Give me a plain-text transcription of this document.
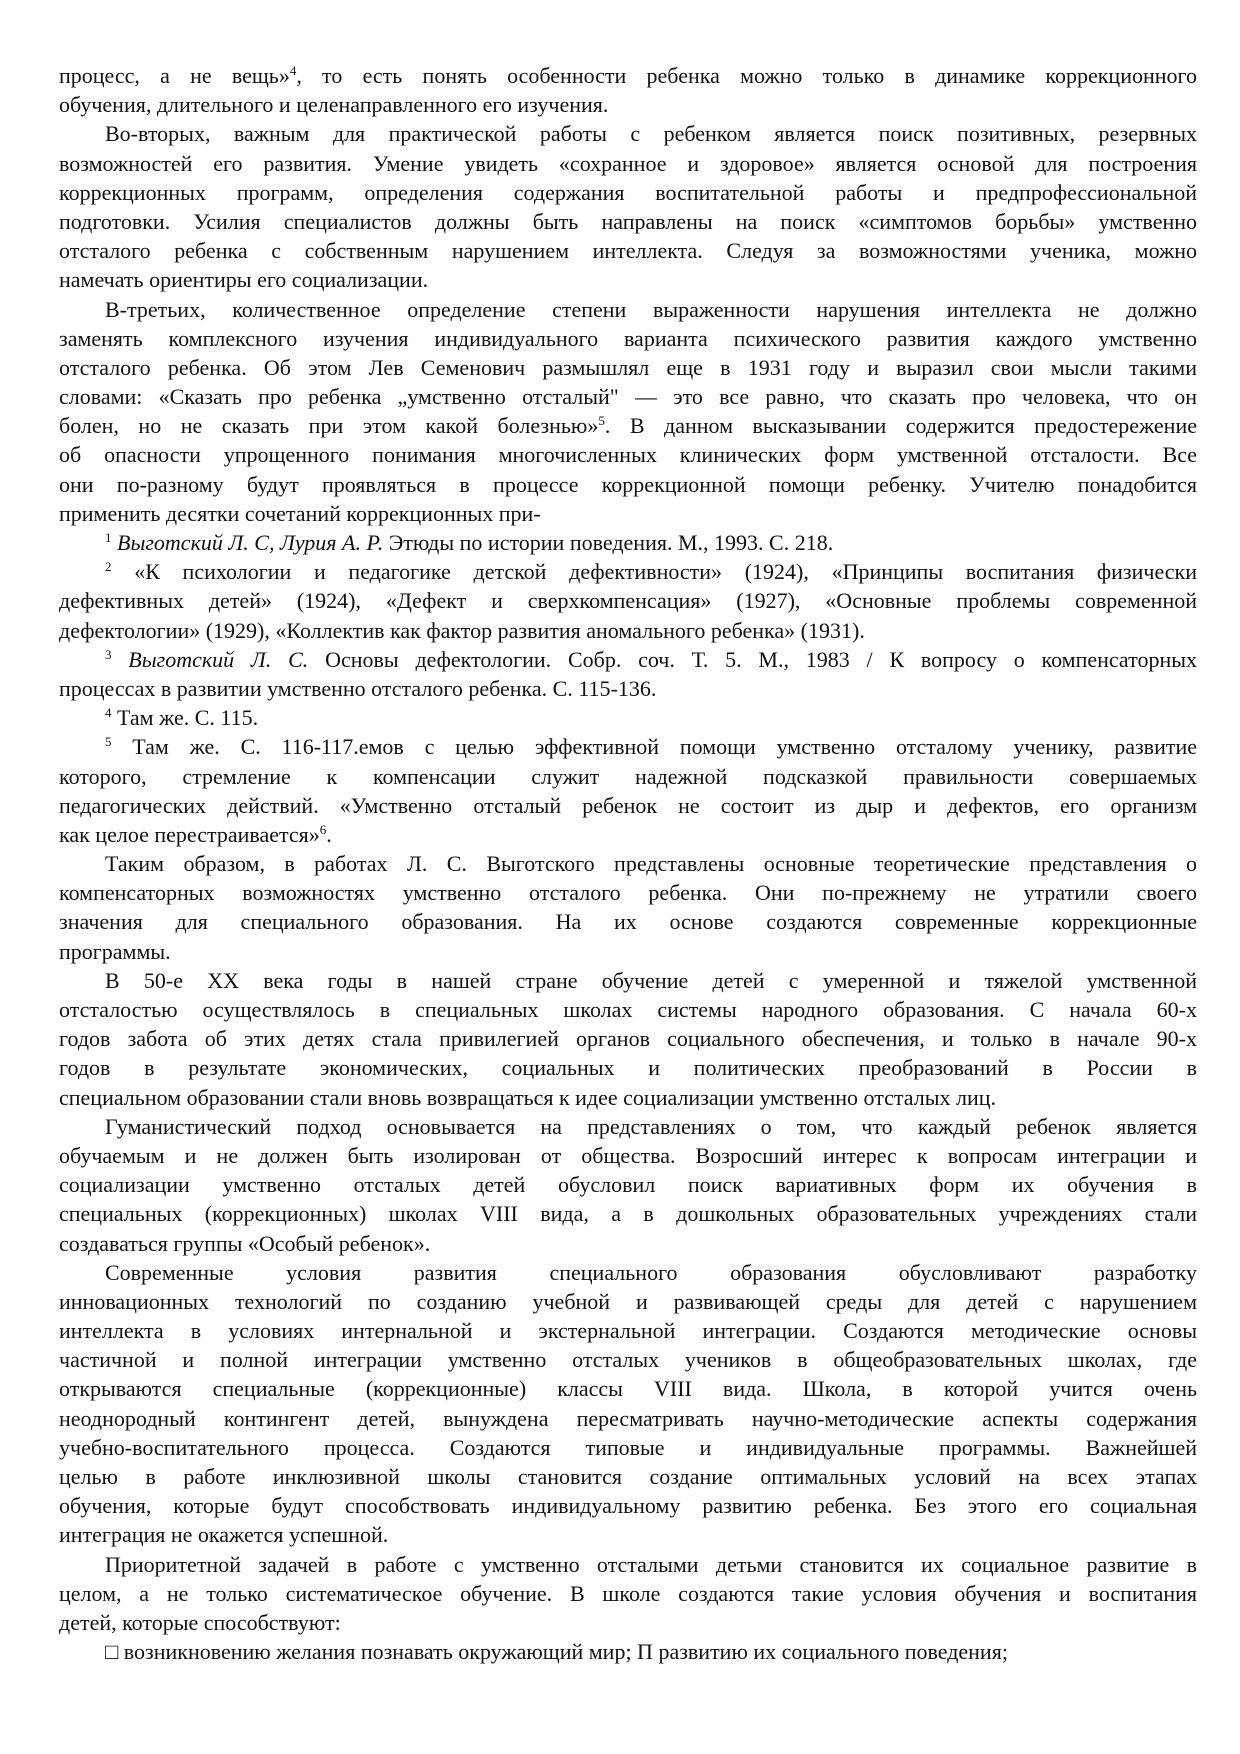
процесс, а не вещь»$^4$, то есть понять особенности ребенка можно только в динамике коррекционного
обучения, длительного и целенаправленного его изучения.
Во-вторых, важным для практической работы с ребенком является поиск позитивных, резервных
возможностей его развития. Умение увидеть «сохранное и здоровое» является основой для построения
коррекционных программ, определения содержания воспитательной работы и предпрофессиональной
подготовки. Усилия специалистов должны быть направлены на поиск «симптомов борьбы» умственно
отсталого ребенка с собственным нарушением интеллекта. Следуя за возможностями ученика, можно
намечать ориентиры его социализации.
В-третьих, количественное определение степени выраженности нарушения интеллекта не должно
заменять комплексного изучения индивидуального варианта психического развития каждого умственно
отсталого ребенка. Об этом Лев Семенович размышлял еще в 1931 году и выразил свои мысли такими
словами: «Сказать про ребенка „умственно отсталый" — это все равно, что сказать про человека, что он
болен, но не сказать при этом какой болезнью»$^5$. В данном высказывании содержится предостережение
об опасности упрощенного понимания многочисленных клинических форм умственной отсталости. Все
они по-разному будут проявляться в процессе коррекционной помощи ребенку. Учителю понадобится
применить десятки сочетаний коррекционных при-
$^1$ Выготский Л. С, Лурия А. Р. Этюды по истории поведения. М., 1993. С. 218.
$^2$ «К психологии и педагогике детской дефективности» (1924), «Принципы воспитания физически
дефективных детей» (1924), «Дефект и сверхкомпенсация» (1927), «Основные проблемы современной
дефектологии» (1929), «Коллектив как фактор развития аномального ребенка» (1931).
$^3$ Выготский Л. С. Основы дефектологии. Собр. соч. Т. 5. М., 1983 / К вопросу о компенсаторных
процессах в развитии умственно отсталого ребенка. С. 115-136.
$^4$ Там же. С. 115.
$^5$ Там же. С. 116-117.емов с целью эффективной помощи умственно отсталому ученику, развитие
которого, стремление к компенсации служит надежной подсказкой правильности совершаемых
педагогических действий. «Умственно отсталый ребенок не состоит из дыр и дефектов, его организм
как целое перестраивается»$^6$.
Таким образом, в работах Л. С. Выготского представлены основные теоретические представления о
компенсаторных возможностях умственно отсталого ребенка. Они по-прежнему не утратили своего
значения для специального образования. На их основе создаются современные коррекционные
программы.
В 50-е XX века годы в нашей стране обучение детей с умеренной и тяжелой умственной
отсталостью осуществлялось в специальных школах системы народного образования. С начала 60-х
годов забота об этих детях стала привилегией органов социального обеспечения, и только в начале 90-х
годов в результате экономических, социальных и политических преобразований в России в
специальном образовании стали вновь возвращаться к идее социализации умственно отсталых лиц.
Гуманистический подход основывается на представлениях о том, что каждый ребенок является
обучаемым и не должен быть изолирован от общества. Возросший интерес к вопросам интеграции и
социализации умственно отсталых детей обусловил поиск вариативных форм их обучения в
специальных (коррекционных) школах VIII вида, а в дошкольных образовательных учреждениях стали
создаваться группы «Особый ребенок».
Современные условия развития специального образования обусловливают разработку
инновационных технологий по созданию учебной и развивающей среды для детей с нарушением
интеллекта в условиях интернальной и экстернальной интеграции. Создаются методические основы
частичной и полной интеграции умственно отсталых учеников в общеобразовательных школах, где
открываются специальные (коррекционные) классы VIII вида. Школа, в которой учится очень
неоднородный контингент детей, вынуждена пересматривать научно-методические аспекты содержания
учебно-воспитательного процесса. Создаются типовые и индивидуальные программы. Важнейшей
целью в работе инклюзивной школы становится создание оптимальных условий на всех этапах
обучения, которые будут способствовать индивидуальному развитию ребенка. Без этого его социальная
интеграция не окажется успешной.
Приоритетной задачей в работе с умственно отсталыми детьми становится их социальное развитие в
целом, а не только систематическое обучение. В школе создаются такие условия обучения и воспитания
детей, которые способствуют:
□ возникновению желания познавать окружающий мир; П развитию их социального поведения;
